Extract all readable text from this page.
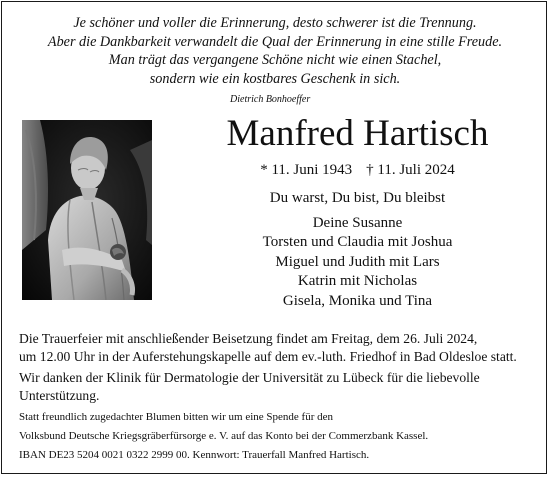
Je schöner und voller die Erinnerung, desto schwerer ist die Trennung.
Aber die Dankbarkeit verwandelt die Qual der Erinnerung in eine stille Freude.
Man trägt das vergangene Schöne nicht wie einen Stachel,
sondern wie ein kostbares Geschenk in sich.
Dietrich Bonhoeffer
Manfred Hartisch
* 11. Juni 1943 † 11. Juli 2024
Du warst, Du bist, Du bleibst
Deine Susanne
Torsten und Claudia mit Joshua
Miguel und Judith mit Lars
Katrin mit Nicholas
Gisela, Monika und Tina
Die Trauerfeier mit anschließender Beisetzung findet am Freitag, dem 26. Juli 2024,
um 12.00 Uhr in der Auferstehungskapelle auf dem ev.-luth. Friedhof in Bad Oldesloe statt.
Wir danken der Klinik für Dermatologie der Universität zu Lübeck für die liebevolle
Unterstützung.
Statt freundlich zugedachter Blumen bitten wir um eine Spende für den
Volksbund Deutsche Kriegsgräberfürsorge e. V. auf das Konto bei der Commerzbank Kassel.
IBAN DE23 5204 0021 0322 2999 00. Kennwort: Trauerfall Manfred Hartisch.
